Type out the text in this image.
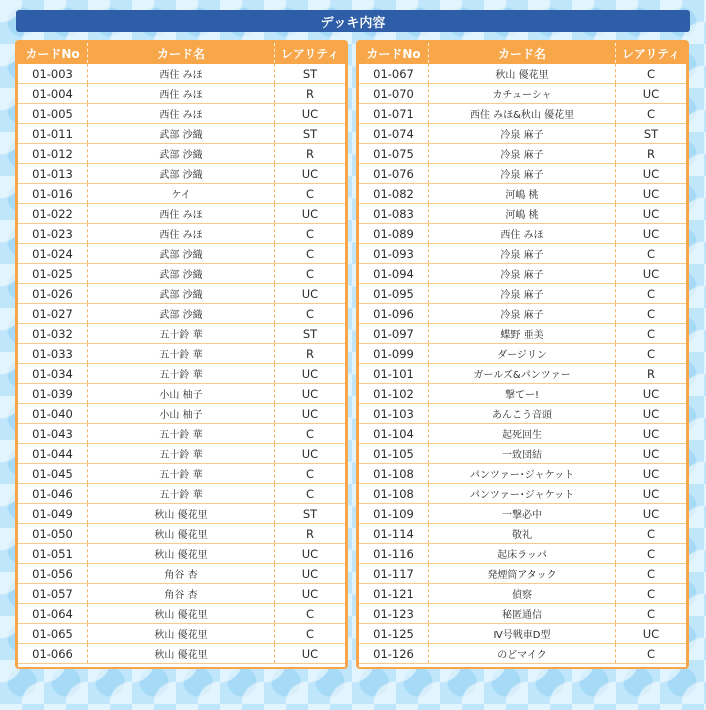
デッキ内容
カードNo	カード名	レアリティ
01-003	西住 みほ	ST
01-004	西住 みほ	R
01-005	西住 みほ	UC
01-011	武部 沙織	ST
01-012	武部 沙織	R
01-013	武部 沙織	UC
01-016	ケイ	C
01-022	西住 みほ	UC
01-023	西住 みほ	C
01-024	武部 沙織	C
01-025	武部 沙織	C
01-026	武部 沙織	UC
01-027	武部 沙織	C
01-032	五十鈴 華	ST
01-033	五十鈴 華	R
01-034	五十鈴 華	UC
01-039	小山 柚子	UC
01-040	小山 柚子	UC
01-043	五十鈴 華	C
01-044	五十鈴 華	UC
01-045	五十鈴 華	C
01-046	五十鈴 華	C
01-049	秋山 優花里	ST
01-050	秋山 優花里	R
01-051	秋山 優花里	UC
01-056	角谷 杏	UC
01-057	角谷 杏	UC
01-064	秋山 優花里	C
01-065	秋山 優花里	C
01-066	秋山 優花里	UC
カードNo	カード名	レアリティ
01-067	秋山 優花里	C
01-070	カチューシャ	UC
01-071	西住 みほ&秋山 優花里	C
01-074	冷泉 麻子	ST
01-075	冷泉 麻子	R
01-076	冷泉 麻子	UC
01-082	河嶋 桃	UC
01-083	河嶋 桃	UC
01-089	西住 みほ	UC
01-093	冷泉 麻子	C
01-094	冷泉 麻子	UC
01-095	冷泉 麻子	C
01-096	冷泉 麻子	C
01-097	蝶野 亜美	C
01-099	ダージリン	C
01-101	ガールズ&パンツァー	R
01-102	撃てー!	UC
01-103	あんこう音頭	UC
01-104	起死回生	UC
01-105	一致団結	UC
01-108	パンツァー･ジャケット	UC
01-108	パンツァー･ジャケット	UC
01-109	一撃必中	UC
01-114	敬礼	C
01-116	起床ラッパ	C
01-117	発煙筒アタック	C
01-121	偵察	C
01-123	秘匿通信	C
01-125	Ⅳ号戦車D型	UC
01-126	のどマイク	C
